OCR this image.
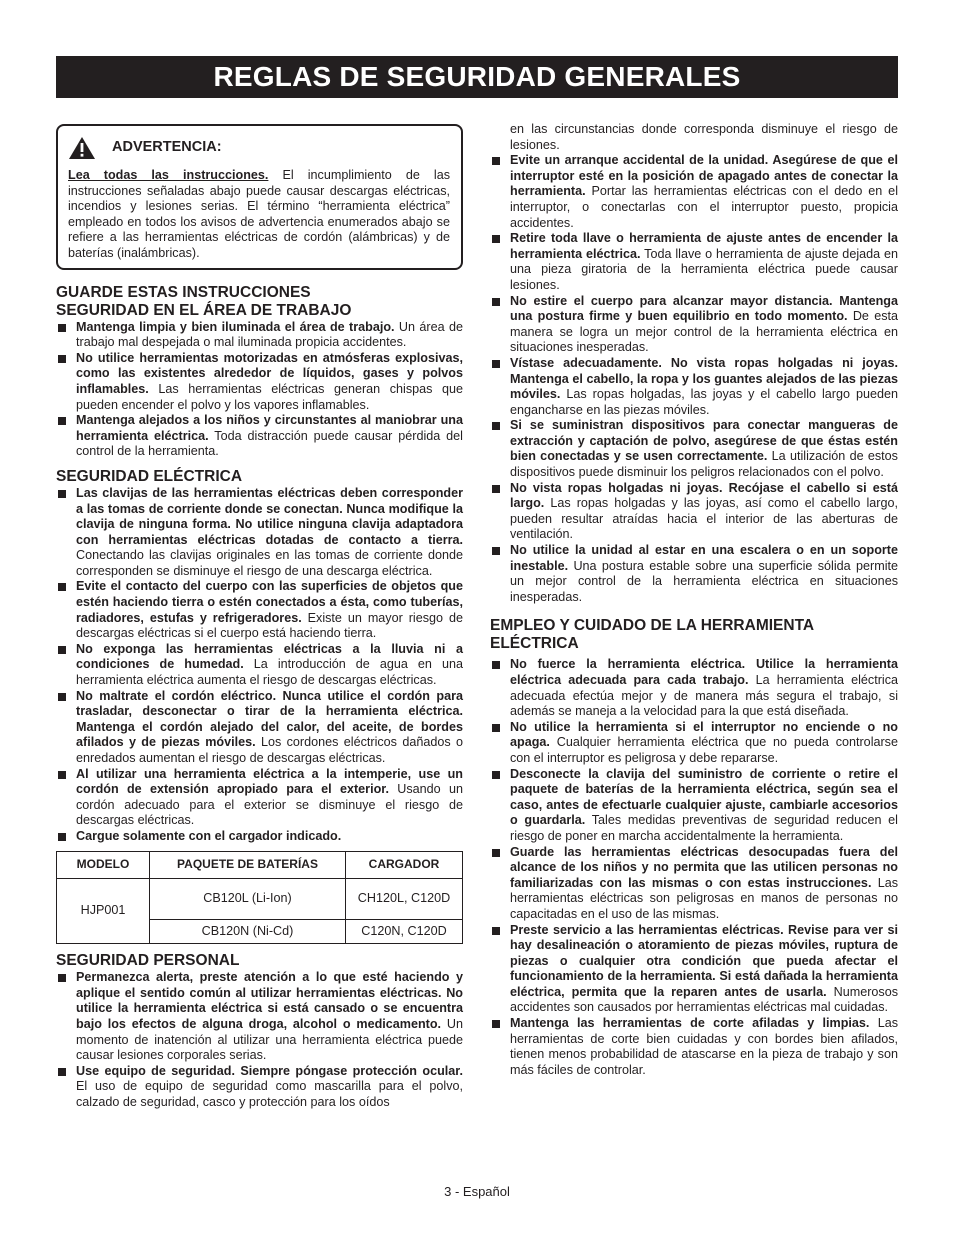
REGLAS DE SEGURIDAD GENERALES
ADVERTENCIA:
Lea todas las instrucciones. El incumplimiento de las instrucciones señaladas abajo puede causar descargas eléctricas, incendios y lesiones serias. El término “herramienta eléctrica” empleado en todos los avisos de advertencia enumerados abajo se refiere a las herramientas eléctricas de cordón (alámbricas) y de baterías (inalámbricas).
GUARDE ESTAS INSTRUCCIONES
SEGURIDAD EN EL ÁREA DE TRABAJO
Mantenga limpia y bien iluminada el área de trabajo. Un área de trabajo mal despejada o mal iluminada propicia accidentes.
No utilice herramientas motorizadas en atmósferas explosivas, como las existentes alrededor de líquidos, gases y polvos inflamables. Las herramientas eléctricas generan chispas que pueden encender el polvo y los vapores inflamables.
Mantenga alejados a los niños y circunstantes al maniobrar una herramienta eléctrica. Toda distracción puede causar pérdida del control de la herramienta.
SEGURIDAD ELÉCTRICA
Las clavijas de las herramientas eléctricas deben corresponder a las tomas de corriente donde se conectan. Nunca modifique la clavija de ninguna forma. No utilice ninguna clavija adaptadora con herramientas eléctricas dotadas de contacto a tierra. Conectando las clavijas originales en las tomas de corriente donde corresponden se disminuye el riesgo de una descarga eléctrica.
Evite el contacto del cuerpo con las superficies de objetos que estén haciendo tierra o estén conectados a ésta, como tuberías, radiadores, estufas y refrigeradores. Existe un mayor riesgo de descargas eléctricas si el cuerpo está haciendo tierra.
No exponga las herramientas eléctricas a la lluvia ni a condiciones de humedad. La introducción de agua en una herramienta eléctrica aumenta el riesgo de descargas eléctricas.
No maltrate el cordón eléctrico. Nunca utilice el cordón para trasladar, desconectar o tirar de la herramienta eléctrica. Mantenga el cordón alejado del calor, del aceite, de bordes afilados y de piezas móviles. Los cordones eléctricos dañados o enredados aumentan el riesgo de descargas eléctricas.
Al utilizar una herramienta eléctrica a la intemperie, use un cordón de extensión apropiado para el exterior. Usando un cordón adecuado para el exterior se disminuye el riesgo de descargas eléctricas.
Cargue solamente con el cargador indicado.
MODELO	PAQUETE DE BATERÍAS	CARGADOR
HJP001	CB120L (Li-Ion)	CH120L, C120D
	CB120N (Ni-Cd)	C120N, C120D
SEGURIDAD PERSONAL
Permanezca alerta, preste atención a lo que esté haciendo y aplique el sentido común al utilizar herramientas eléctricas. No utilice la herramienta eléctrica si está cansado o se encuentra bajo los efectos de alguna droga, alcohol o medicamento. Un momento de inatención al utilizar una herramienta eléctrica puede causar lesiones corporales serias.
Use equipo de seguridad. Siempre póngase protección ocular. El uso de equipo de seguridad como mascarilla para el polvo, calzado de seguridad, casco y protección para los oídos
en las circunstancias donde corresponda disminuye el riesgo de lesiones.
Evite un arranque accidental de la unidad. Asegúrese de que el interruptor esté en la posición de apagado antes de conectar la herramienta. Portar las herramientas eléctricas con el dedo en el interruptor, o conectarlas con el interruptor puesto, propicia accidentes.
Retire toda llave o herramienta de ajuste antes de encender la herramienta eléctrica. Toda llave o herramienta de ajuste dejada en una pieza giratoria de la herramienta eléctrica puede causar lesiones.
No estire el cuerpo para alcanzar mayor distancia. Mantenga una postura firme y buen equilibrio en todo momento. De esta manera se logra un mejor control de la herramienta eléctrica en situaciones inesperadas.
Vístase adecuadamente. No vista ropas holgadas ni joyas. Mantenga el cabello, la ropa y los guantes alejados de las piezas móviles. Las ropas holgadas, las joyas y el cabello largo pueden engancharse en las piezas móviles.
Si se suministran dispositivos para conectar mangueras de extracción y captación de polvo, asegúrese de que éstas estén bien conectadas y se usen correctamente. La utilización de estos dispositivos puede disminuir los peligros relacionados con el polvo.
No vista ropas holgadas ni joyas. Recójase el cabello si está largo. Las ropas holgadas y las joyas, así como el cabello largo, pueden resultar atraídas hacia el interior de las aberturas de ventilación.
No utilice la unidad al estar en una escalera o en un soporte inestable. Una postura estable sobre una superficie sólida permite un mejor control de la herramienta eléctrica en situaciones inesperadas.
EMPLEO Y CUIDADO DE LA HERRAMIENTA
ELÉCTRICA
No fuerce la herramienta eléctrica. Utilice la herramienta eléctrica adecuada para cada trabajo. La herramienta eléctrica adecuada efectúa mejor y de manera más segura el trabajo, si además se maneja a la velocidad para la que está diseñada.
No utilice la herramienta si el interruptor no enciende o no apaga. Cualquier herramienta eléctrica que no pueda controlarse con el interruptor es peligrosa y debe repararse.
Desconecte la clavija del suministro de corriente o retire el paquete de baterías de la herramienta eléctrica, según sea el caso, antes de efectuarle cualquier ajuste, cambiarle accesorios o guardarla. Tales medidas preventivas de seguridad reducen el riesgo de poner en marcha accidentalmente la herramienta.
Guarde las herramientas eléctricas desocupadas fuera del alcance de los niños y no permita que las utilicen personas no familiarizadas con las mismas o con estas instrucciones. Las herramientas eléctricas son peligrosas en manos de personas no capacitadas en el uso de las mismas.
Preste servicio a las herramientas eléctricas. Revise para ver si hay desalineación o atoramiento de piezas móviles, ruptura de piezas o cualquier otra condición que pueda afectar el funcionamiento de la herramienta. Si está dañada la herramienta eléctrica, permita que la reparen antes de usarla. Numerosos accidentes son causados por herramientas eléctricas mal cuidadas.
Mantenga las herramientas de corte afiladas y limpias. Las herramientas de corte bien cuidadas y con bordes bien afilados, tienen menos probabilidad de atascarse en la pieza de trabajo y son más fáciles de controlar.
3 - Español
